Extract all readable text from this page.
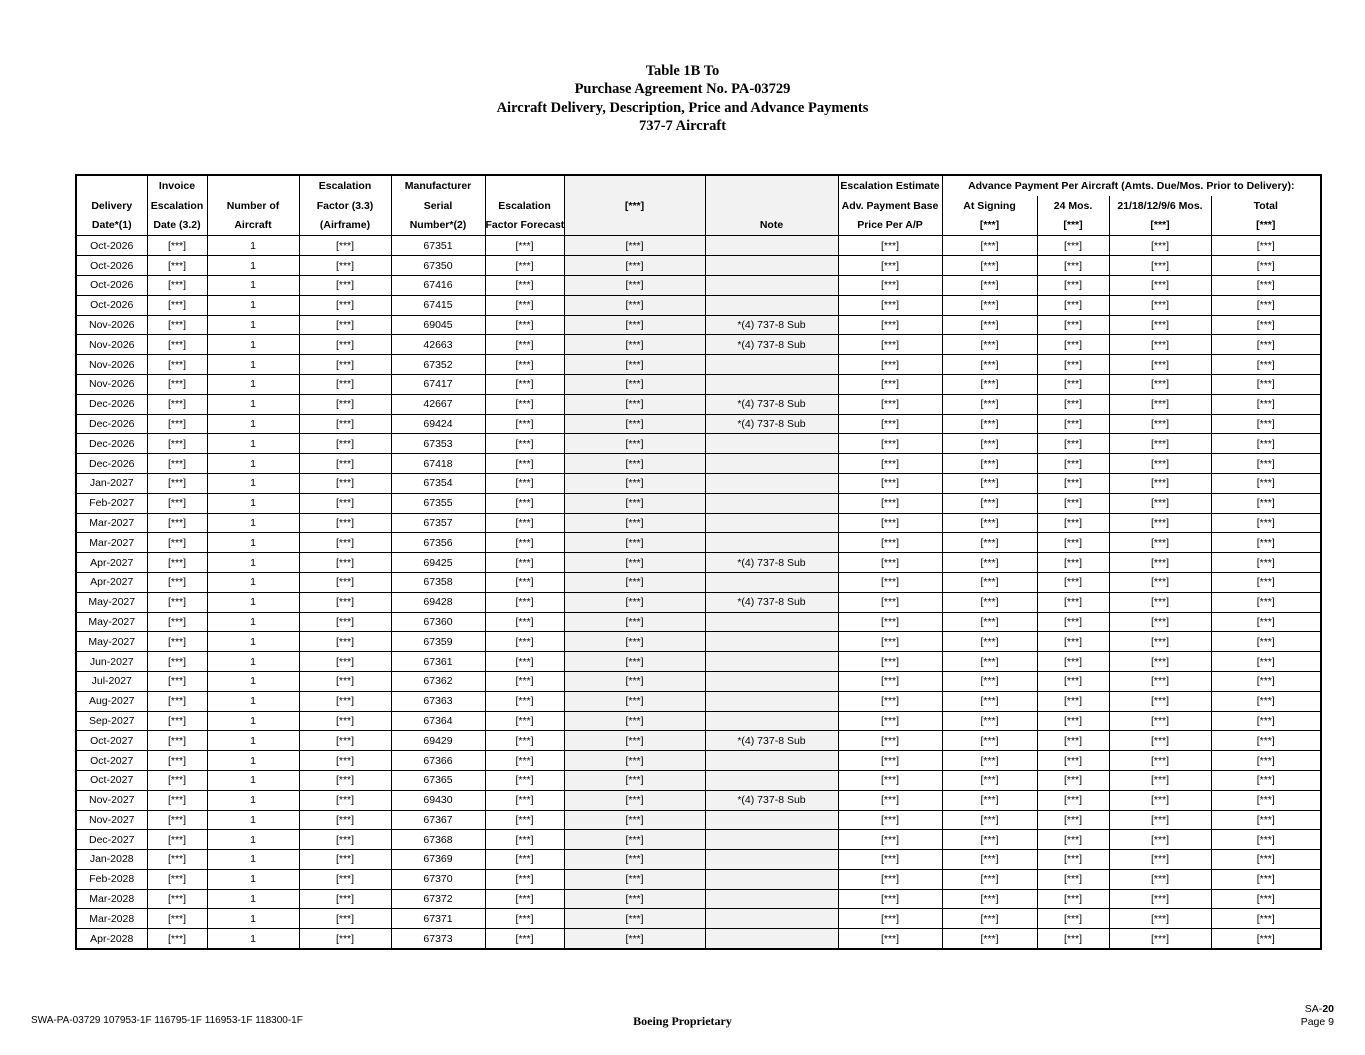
Table 1B To
Purchase Agreement No. PA-03729
Aircraft Delivery, Description, Price and Advance Payments
737-7 Aircraft
	Invoice		Escalation	Manufacturer				Escalation Estimate	Advance Payment Per Aircraft (Amts. Due/Mos. Prior to Delivery):			
Delivery	Escalation	Number of	Factor (3.3)	Serial	Escalation	[***]		Adv. Payment Base	At Signing	24 Mos.	21/18/12/9/6 Mos.	Total
Date*(1)	Date (3.2)	Aircraft	(Airframe)	Number*(2)	Factor Forecast		Note	Price Per A/P	[***]	[***]	[***]	[***]
Oct-2026	[***]	1	[***]	67351	[***]	[***]		[***]	[***]	[***]	[***]	[***]
Oct-2026	[***]	1	[***]	67350	[***]	[***]		[***]	[***]	[***]	[***]	[***]
Oct-2026	[***]	1	[***]	67416	[***]	[***]		[***]	[***]	[***]	[***]	[***]
Oct-2026	[***]	1	[***]	67415	[***]	[***]		[***]	[***]	[***]	[***]	[***]
Nov-2026	[***]	1	[***]	69045	[***]	[***]	*(4) 737-8 Sub	[***]	[***]	[***]	[***]	[***]
Nov-2026	[***]	1	[***]	42663	[***]	[***]	*(4) 737-8 Sub	[***]	[***]	[***]	[***]	[***]
Nov-2026	[***]	1	[***]	67352	[***]	[***]		[***]	[***]	[***]	[***]	[***]
Nov-2026	[***]	1	[***]	67417	[***]	[***]		[***]	[***]	[***]	[***]	[***]
Dec-2026	[***]	1	[***]	42667	[***]	[***]	*(4) 737-8 Sub	[***]	[***]	[***]	[***]	[***]
Dec-2026	[***]	1	[***]	69424	[***]	[***]	*(4) 737-8 Sub	[***]	[***]	[***]	[***]	[***]
Dec-2026	[***]	1	[***]	67353	[***]	[***]		[***]	[***]	[***]	[***]	[***]
Dec-2026	[***]	1	[***]	67418	[***]	[***]		[***]	[***]	[***]	[***]	[***]
Jan-2027	[***]	1	[***]	67354	[***]	[***]		[***]	[***]	[***]	[***]	[***]
Feb-2027	[***]	1	[***]	67355	[***]	[***]		[***]	[***]	[***]	[***]	[***]
Mar-2027	[***]	1	[***]	67357	[***]	[***]		[***]	[***]	[***]	[***]	[***]
Mar-2027	[***]	1	[***]	67356	[***]	[***]		[***]	[***]	[***]	[***]	[***]
Apr-2027	[***]	1	[***]	69425	[***]	[***]	*(4) 737-8 Sub	[***]	[***]	[***]	[***]	[***]
Apr-2027	[***]	1	[***]	67358	[***]	[***]		[***]	[***]	[***]	[***]	[***]
May-2027	[***]	1	[***]	69428	[***]	[***]	*(4) 737-8 Sub	[***]	[***]	[***]	[***]	[***]
May-2027	[***]	1	[***]	67360	[***]	[***]		[***]	[***]	[***]	[***]	[***]
May-2027	[***]	1	[***]	67359	[***]	[***]		[***]	[***]	[***]	[***]	[***]
Jun-2027	[***]	1	[***]	67361	[***]	[***]		[***]	[***]	[***]	[***]	[***]
Jul-2027	[***]	1	[***]	67362	[***]	[***]		[***]	[***]	[***]	[***]	[***]
Aug-2027	[***]	1	[***]	67363	[***]	[***]		[***]	[***]	[***]	[***]	[***]
Sep-2027	[***]	1	[***]	67364	[***]	[***]		[***]	[***]	[***]	[***]	[***]
Oct-2027	[***]	1	[***]	69429	[***]	[***]	*(4) 737-8 Sub	[***]	[***]	[***]	[***]	[***]
Oct-2027	[***]	1	[***]	67366	[***]	[***]		[***]	[***]	[***]	[***]	[***]
Oct-2027	[***]	1	[***]	67365	[***]	[***]		[***]	[***]	[***]	[***]	[***]
Nov-2027	[***]	1	[***]	69430	[***]	[***]	*(4) 737-8 Sub	[***]	[***]	[***]	[***]	[***]
Nov-2027	[***]	1	[***]	67367	[***]	[***]		[***]	[***]	[***]	[***]	[***]
Dec-2027	[***]	1	[***]	67368	[***]	[***]		[***]	[***]	[***]	[***]	[***]
Jan-2028	[***]	1	[***]	67369	[***]	[***]		[***]	[***]	[***]	[***]	[***]
Feb-2028	[***]	1	[***]	67370	[***]	[***]		[***]	[***]	[***]	[***]	[***]
Mar-2028	[***]	1	[***]	67372	[***]	[***]		[***]	[***]	[***]	[***]	[***]
Mar-2028	[***]	1	[***]	67371	[***]	[***]		[***]	[***]	[***]	[***]	[***]
Apr-2028	[***]	1	[***]	67373	[***]	[***]		[***]	[***]	[***]	[***]	[***]
SWA-PA-03729 107953-1F 116795-1F 116953-1F 118300-1F	Boeing Proprietary
SA-20
Page 9
